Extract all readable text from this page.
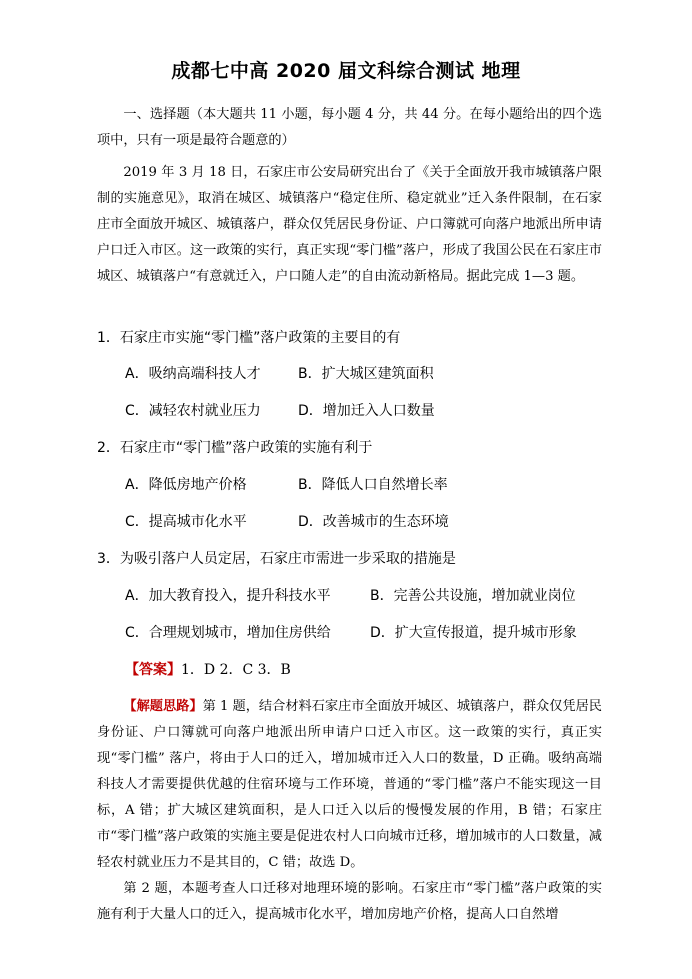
成都七中高 2020 届文科综合测试 地理

一、选择题（本大题共 11 小题，每小题 4 分，共 44 分。在每小题给出的四个选项中，只有一项是最符合题意的）

2019 年 3 月 18 日，石家庄市公安局研究出台了《关于全面放开我市城镇落户限制的实施意见》，取消在城区、城镇落户“稳定住所、稳定就业”迁入条件限制，在石家庄市全面放开城区、城镇落户，群众仅凭居民身份证、户口簿就可向落户地派出所申请户口迁入市区。这一政策的实行，真正实现“零门槛”落户，形成了我国公民在石家庄市城区、城镇落户“有意就迁入，户口随人走”的自由流动新格局。据此完成 1—3 题。

1．石家庄市实施“零门槛”落户政策的主要目的有
A．吸纳高端科技人才	B．扩大城区建筑面积
C．减轻农村就业压力	D．增加迁入人口数量
2．石家庄市“零门槛”落户政策的实施有利于
A．降低房地产价格	B．降低人口自然增长率
C．提高城市化水平	D．改善城市的生态环境
3．为吸引落户人员定居，石家庄市需进一步采取的措施是
A．加大教育投入，提升科技水平	B．完善公共设施，增加就业岗位
C．合理规划城市，增加住房供给	D．扩大宣传报道，提升城市形象
【答案】1．D 2．C 3．B

【解题思路】第 1 题，结合材料石家庄市全面放开城区、城镇落户，群众仅凭居民身份证、户口簿就可向落户地派出所申请户口迁入市区。这一政策的实行，真正实现“零门槛” 落户，将由于人口的迁入，增加城市迁入人口的数量，D 正确。吸纳高端科技人才需要提供优越的住宿环境与工作环境，普通的“零门槛”落户不能实现这一目标，A 错；扩大城区建筑面积，是人口迁入以后的慢慢发展的作用，B 错；石家庄市“零门槛”落户政策的实施主要是促进农村人口向城市迁移，增加城市的人口数量，减轻农村就业压力不是其目的，C 错；故选 D。

第 2 题，本题考查人口迁移对地理环境的影响。石家庄市“零门槛”落户政策的实施有利于大量人口的迁入，提高城市化水平，增加房地产价格，提高人口自然增
